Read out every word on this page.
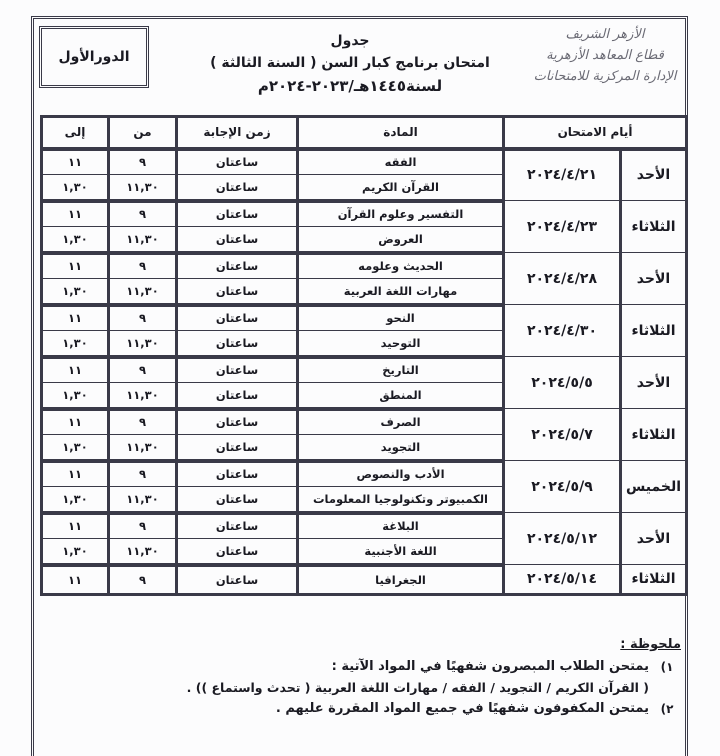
الدورالأول
جدول
امتحان برنامج كبار السن ( السنة الثالثة )
لسنة١٤٤٥هـ/٢٠٢٣-٢٠٢٤م
الأزهر الشريف
قطاع المعاهد الأزهرية
الإدارة المركزية للامتحانات
أيام الامتحان		المادة	زمن الإجابة	من	إلى
الأحد	٢٠٢٤/٤/٢١	الفقه	ساعتان	٩	١١
		القرآن الكريم	ساعتان	١١,٣٠	١,٣٠
الثلاثاء	٢٠٢٤/٤/٢٣	التفسير وعلوم القرآن	ساعتان	٩	١١
		العروض	ساعتان	١١,٣٠	١,٣٠
الأحد	٢٠٢٤/٤/٢٨	الحديث وعلومه	ساعتان	٩	١١
		مهارات اللغة العربية	ساعتان	١١,٣٠	١,٣٠
الثلاثاء	٢٠٢٤/٤/٣٠	النحو	ساعتان	٩	١١
		التوحيد	ساعتان	١١,٣٠	١,٣٠
الأحد	٢٠٢٤/٥/٥	التاريخ	ساعتان	٩	١١
		المنطق	ساعتان	١١,٣٠	١,٣٠
الثلاثاء	٢٠٢٤/٥/٧	الصرف	ساعتان	٩	١١
		التجويد	ساعتان	١١,٣٠	١,٣٠
الخميس	٢٠٢٤/٥/٩	الأدب والنصوص	ساعتان	٩	١١
		الكمبيوتر وتكنولوجيا المعلومات	ساعتان	١١,٣٠	١,٣٠
الأحد	٢٠٢٤/٥/١٢	البلاغة	ساعتان	٩	١١
		اللغة الأجنبية	ساعتان	١١,٣٠	١,٣٠
الثلاثاء	٢٠٢٤/٥/١٤	الجغرافيا	ساعتان	٩	١١
ملحوظة :
١)
يمتحن الطلاب المبصرون شفهيًا في المواد الآتية :
( القرآن الكريم / التجويد / الفقه / مهارات اللغة العربية ( تحدث واستماع )) .
٢)
يمتحن المكفوفون شفهيًا في جميع المواد المقررة عليهم .
